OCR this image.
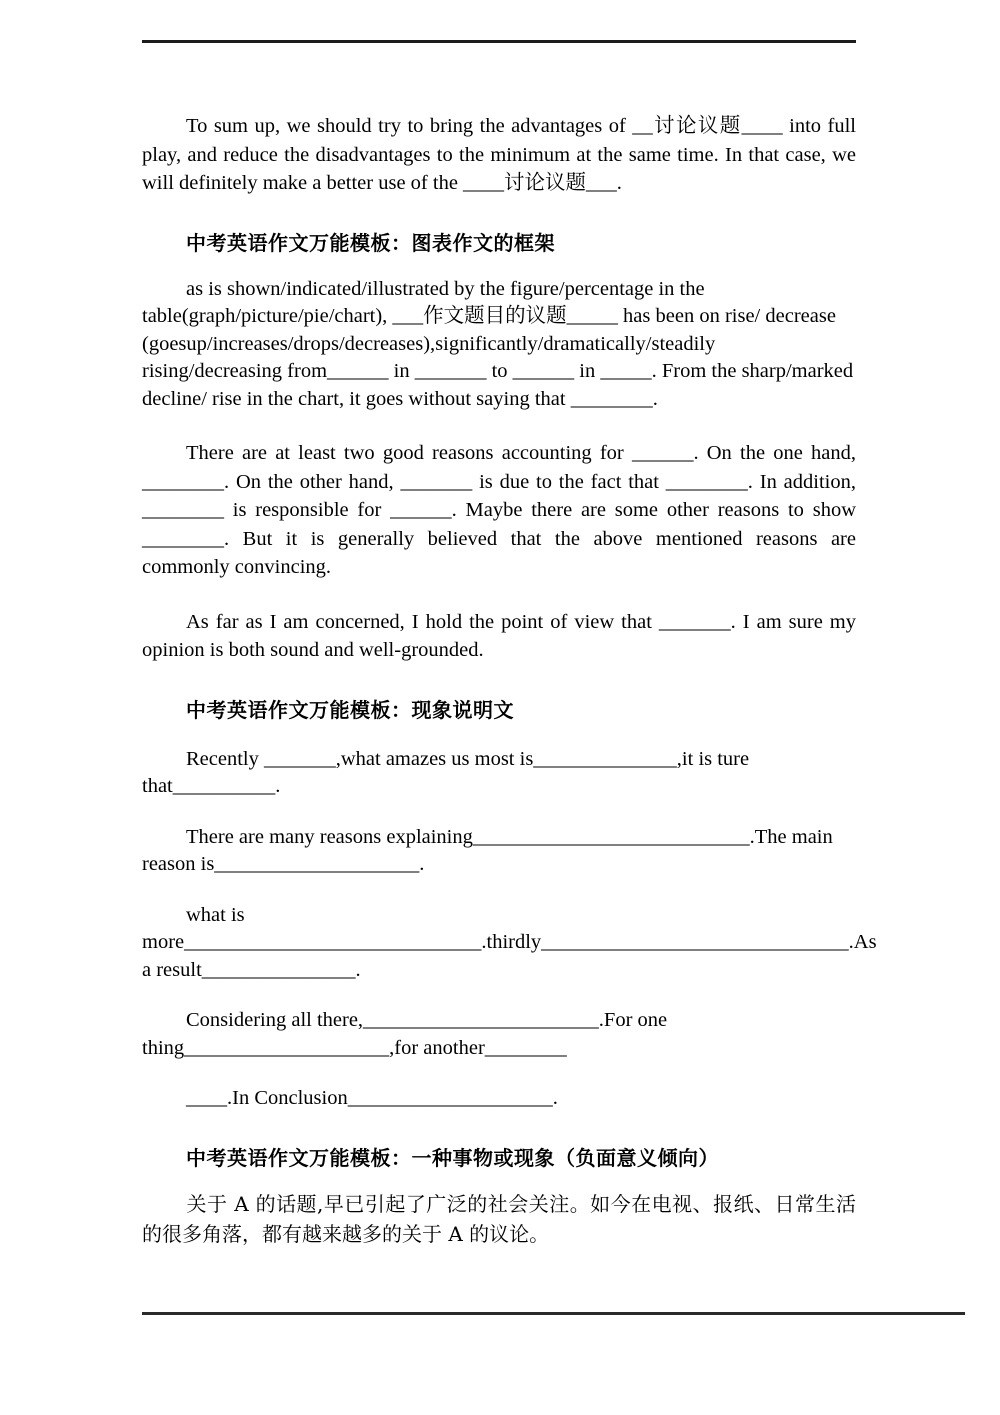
To sum up, we should try to bring the advantages of __讨论议题____ into full play, and reduce the disadvantages to the minimum at the same time. In that case, we will definitely make a better use of the ____讨论议题___.

中考英语作文万能模板：图表作文的框架

as is shown/indicated/illustrated by the figure/percentage in the table(graph/picture/pie/chart), ___作文题目的议题_____ has been on rise/ decrease (goesup/increases/drops/decreases),significantly/dramatically/steadily rising/decreasing from______ in _______ to ______ in _____. From the sharp/marked decline/ rise in the chart, it goes without saying that ________.

There are at least two good reasons accounting for ______. On the one hand, ________. On the other hand, _______ is due to the fact that ________. In addition, ________ is responsible for ______. Maybe there are some other reasons to show ________. But it is generally believed that the above mentioned reasons are commonly convincing.

As far as I am concerned, I hold the point of view that _______. I am sure my opinion is both sound and well-grounded.

中考英语作文万能模板：现象说明文

Recently _______,what amazes us most is______________,it is ture that__________.

There are many reasons explaining___________________________.The main reason is____________________.

what is more_____________________________.thirdly______________________________.As a result_______________.

Considering all there,_______________________.For one thing____________________,for another________

____.In Conclusion____________________.

中考英语作文万能模板：一种事物或现象（负面意义倾向）

关于 A 的话题,早已引起了广泛的社会关注。如今在电视、报纸、日常生活的很多角落，都有越来越多的关于 A 的议论。
